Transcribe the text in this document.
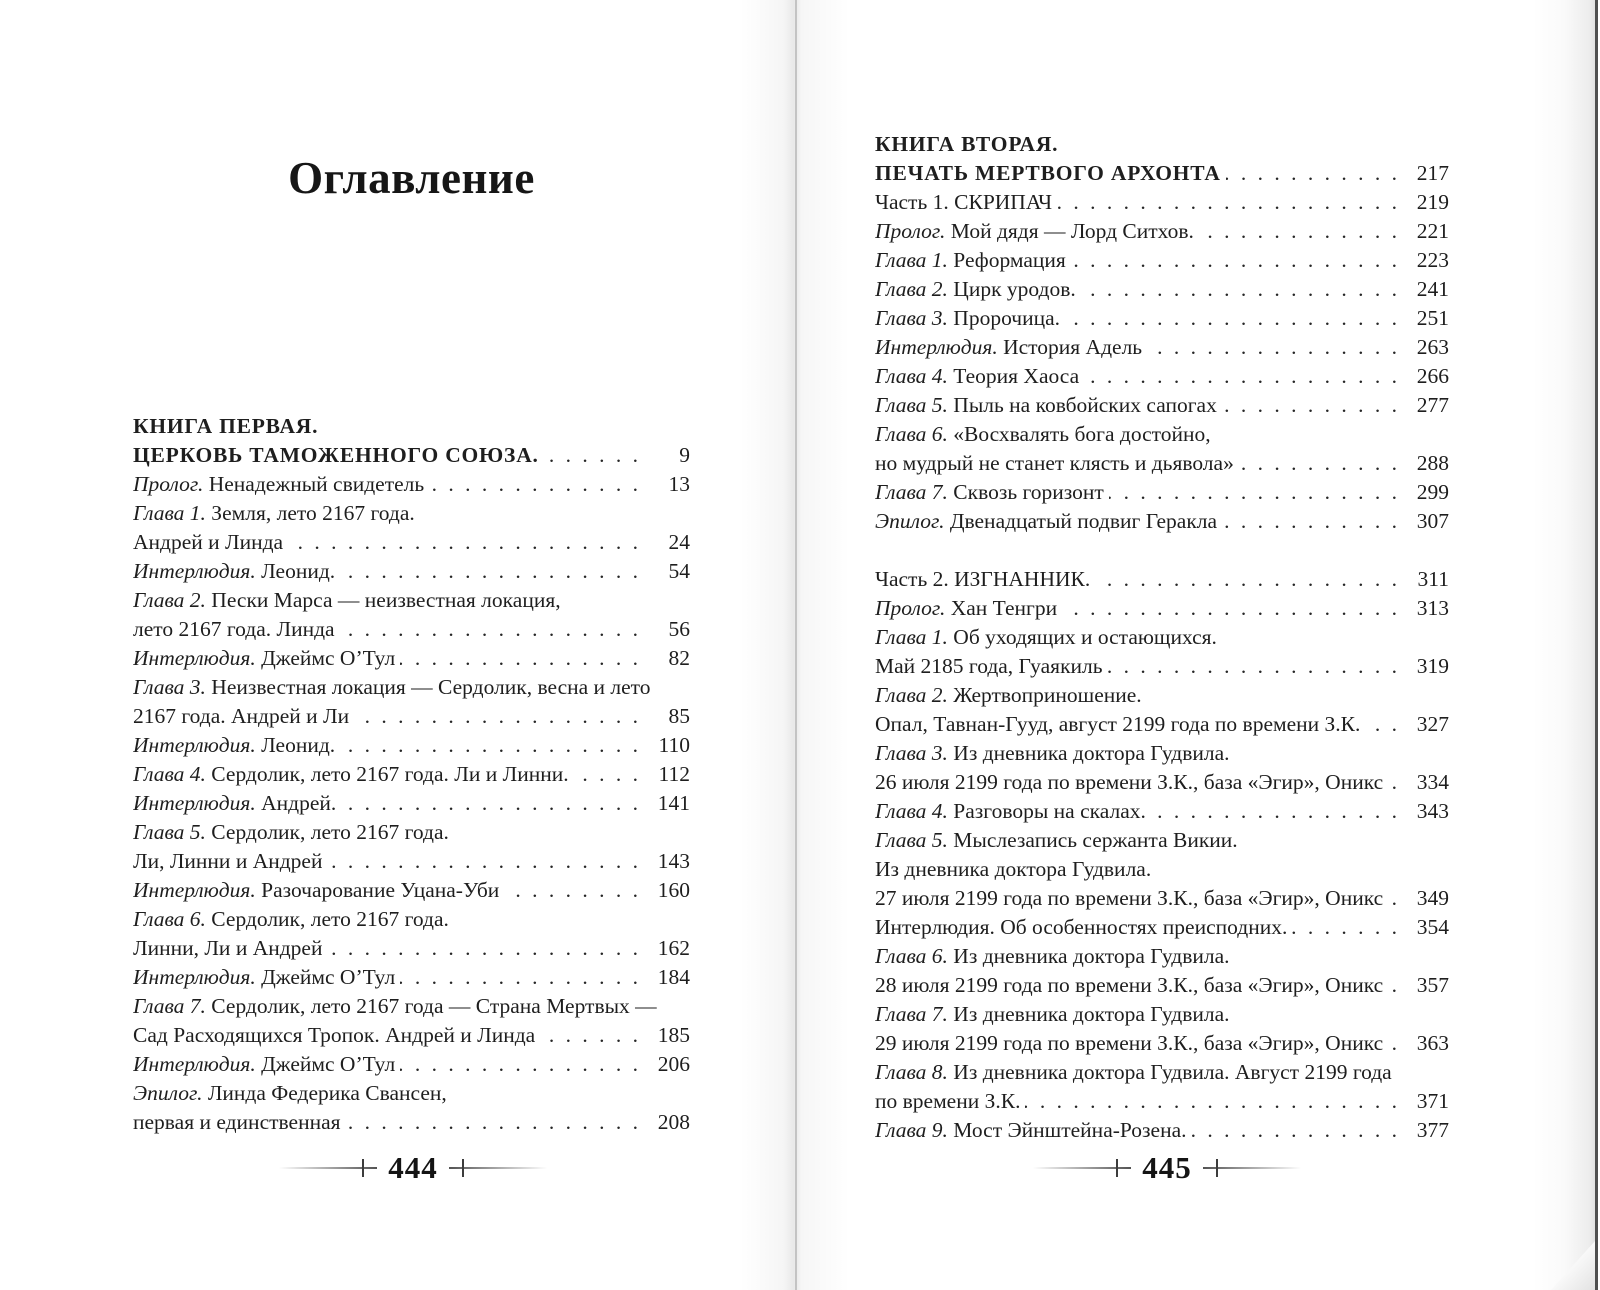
Оглавление
КНИГА ПЕРВАЯ.
ЦЕРКОВЬ ТАМОЖЕННОГО СОЮЗА. . . .	9
Пролог. Ненадежный свидетель . . .	13
Глава 1. Земля, лето 2167 года.
Андрей и Линда . . .	24
Интерлюдия. Леонид. . . .	54
Глава 2. Пески Марса — неизвестная локация,
лето 2167 года. Линда . . .	56
Интерлюдия. Джеймс О’Тул . . .	82
Глава 3. Неизвестная локация — Сердолик, весна и лето
2167 года. Андрей и Ли . . .	85
Интерлюдия. Леонид. . . .	110
Глава 4. Сердолик, лето 2167 года. Ли и Линни. . . .	112
Интерлюдия. Андрей. . . .	141
Глава 5. Сердолик, лето 2167 года.
Ли, Линни и Андрей . . .	143
Интерлюдия. Разочарование Уцана-Уби . . .	160
Глава 6. Сердолик, лето 2167 года.
Линни, Ли и Андрей . . .	162
Интерлюдия. Джеймс О’Тул . . .	184
Глава 7. Сердолик, лето 2167 года — Страна Мертвых —
Сад Расходящихся Тропок. Андрей и Линда . . .	185
Интерлюдия. Джеймс О’Тул . . .	206
Эпилог. Линда Федерика Свансен,
первая и единственная . . .	208
444
КНИГА ВТОРАЯ.
ПЕЧАТЬ МЕРТВОГО АРХОНТА . . .	217
Часть 1. СКРИПАЧ . . .	219
Пролог. Мой дядя — Лорд Ситхов. . . .	221
Глава 1. Реформация . . .	223
Глава 2. Цирк уродов. . . .	241
Глава 3. Пророчица. . . .	251
Интерлюдия. История Адель . . .	263
Глава 4. Теория Хаоса . . .	266
Глава 5. Пыль на ковбойских сапогах . . .	277
Глава 6. «Восхвалять бога достойно,
но мудрый не станет клясть и дьявола» . . .	288
Глава 7. Сквозь горизонт . . .	299
Эпилог. Двенадцатый подвиг Геракла . . .	307
Часть 2. ИЗГНАННИК. . . .	311
Пролог. Хан Тенгри . . .	313
Глава 1. Об уходящих и остающихся.
Май 2185 года, Гуаякиль . . .	319
Глава 2. Жертвоприношение.
Опал, Тавнан-Гууд, август 2199 года по времени З.К. . . .	327
Глава 3. Из дневника доктора Гудвила.
26 июля 2199 года по времени З.К., база «Эгир», Оникс . . .	334
Глава 4. Разговоры на скалах. . . .	343
Глава 5. Мыслезапись сержанта Викии.
Из дневника доктора Гудвила.
27 июля 2199 года по времени З.К., база «Эгир», Оникс . . .	349
Интерлюдия. Об особенностях преисподних. . . .	354
Глава 6. Из дневника доктора Гудвила.
28 июля 2199 года по времени З.К., база «Эгир», Оникс . . .	357
Глава 7. Из дневника доктора Гудвила.
29 июля 2199 года по времени З.К., база «Эгир», Оникс . . .	363
Глава 8. Из дневника доктора Гудвила. Август 2199 года
по времени З.К. . . .	371
Глава 9. Мост Эйнштейна-Розена. . . .	377
445
